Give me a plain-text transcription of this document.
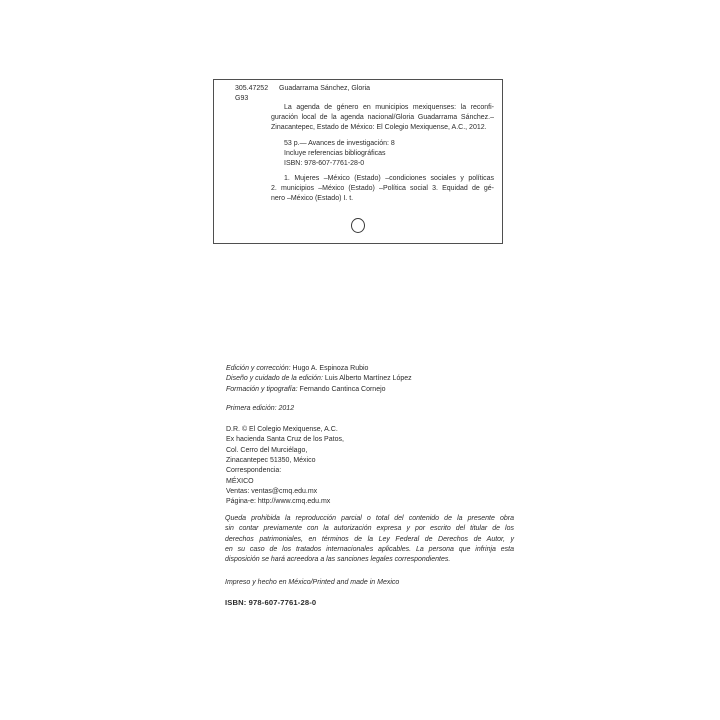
305.47252
G93
Guadarrama Sánchez, Gloria
La agenda de género en municipios mexiquenses: la reconfi-
guración local de la agenda nacional/Gloria Guadarrama Sánchez.–
Zinacantepec, Estado de México: El Colegio Mexiquense, A.C., 2012.
53 p.— Avances de investigación: 8
Incluye referencias bibliográficas
ISBN: 978-607-7761-28-0
1. Mujeres –México (Estado) –condiciones sociales y políticas
2. municipios –México (Estado) –Política social 3. Equidad de gé-
nero –México (Estado) I. t.
Edición y corrección: Hugo A. Espinoza Rubio
Diseño y cuidado de la edición: Luis Alberto Martínez López
Formación y tipografía: Fernando Cantinca Cornejo
Primera edición: 2012
D.R. © El Colegio Mexiquense, A.C.
Ex hacienda Santa Cruz de los Patos,
Col. Cerro del Murciélago,
Zinacantepec 51350, México
Correspondencia:
MÉXICO
Ventas: ventas@cmq.edu.mx
Página-e: http://www.cmq.edu.mx
Queda prohibida la reproducción parcial o total del contenido de la presente obra
sin contar previamente con la autorización expresa y por escrito del titular de los
derechos patrimoniales, en términos de la Ley Federal de Derechos de Autor, y
en su caso de los tratados internacionales aplicables. La persona que infrinja esta
disposición se hará acreedora a las sanciones legales correspondientes.
Impreso y hecho en México/Printed and made in Mexico
ISBN: 978-607-7761-28-0
